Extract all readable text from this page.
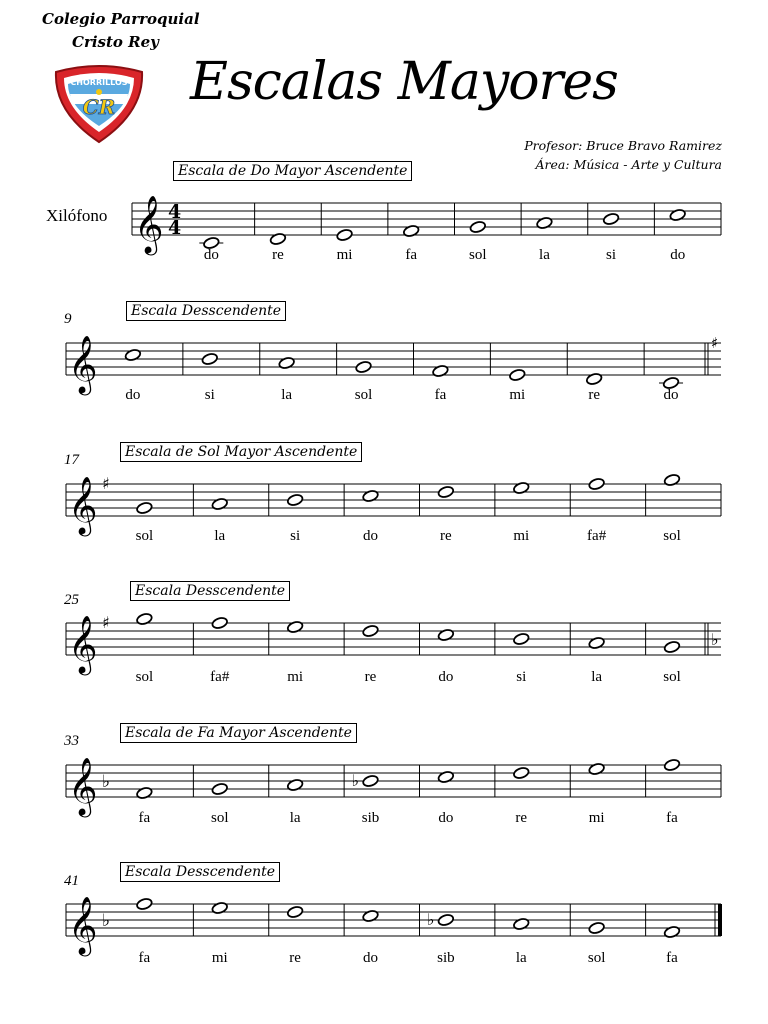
Colegio Parroquial
Cristo Rey
CHORRILLOS
CR Escalas Mayores
Profesor: Bruce Bravo Ramirez
Área: Música - Arte y Cultura
Xilófono
Escala de Do Mayor Ascendente
𝄞 4
4
do	re	mi	fa	sol	la	si	do
9	Escala Desscendente
𝄞	♯
do	si	la	sol	fa	mi	re	do
17	Escala de Sol Mayor Ascendente
𝄞 ♯
sol	la	si	do	re	mi	fa#	sol
25
Escala Desscendente
𝄞 ♯
♭
sol	fa#	mi	re	do	si	la	sol
33	Escala de Fa Mayor Ascendente
𝄞 ♭	♭
fa	sol	la	sib	do	re	mi	fa
41
Escala Desscendente
𝄞 ♭	♭
fa	mi	re	do	sib	la	sol	fa
